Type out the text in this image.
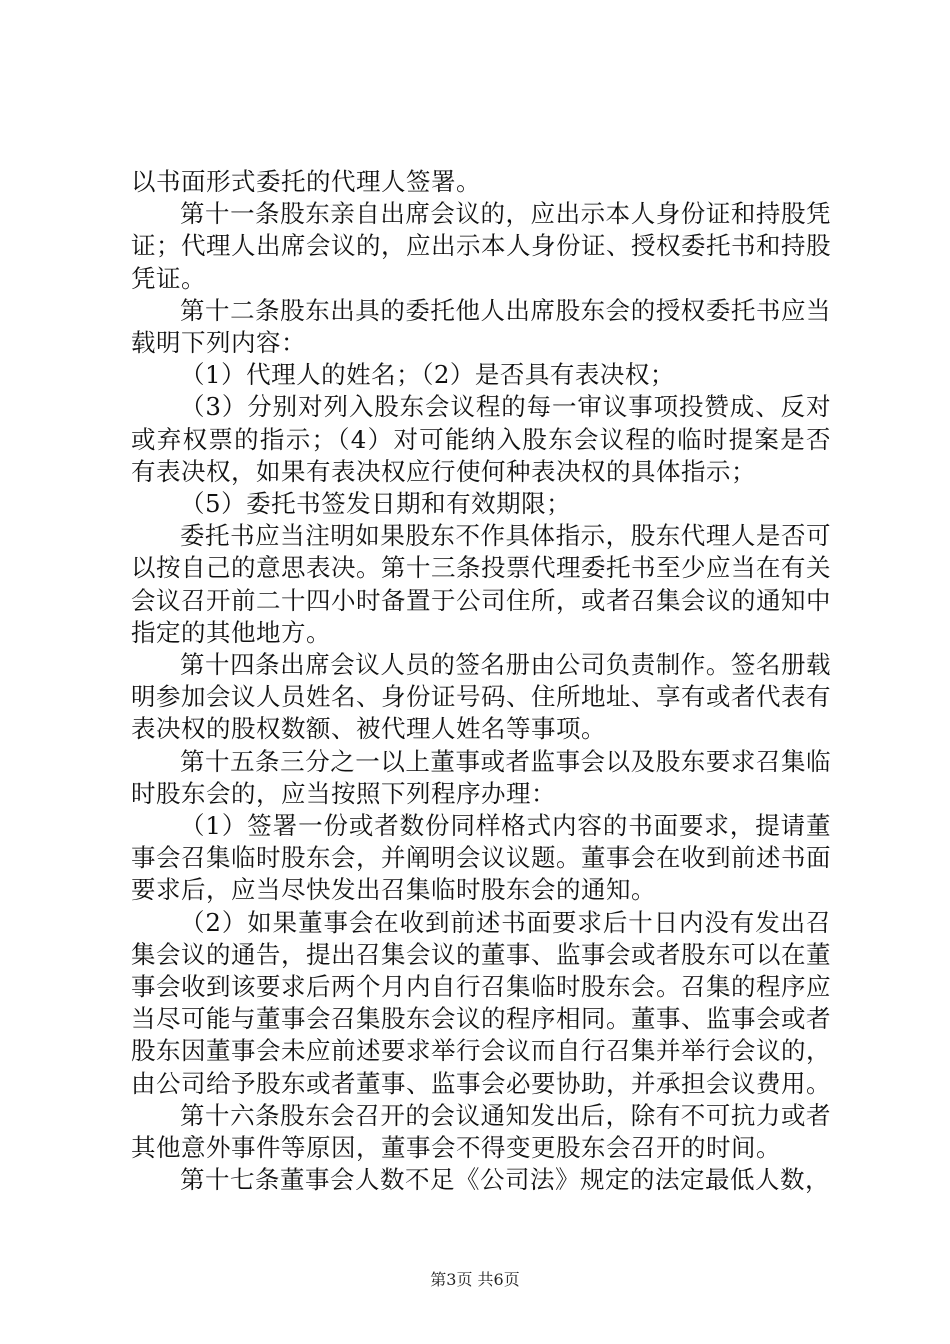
以书面形式委托的代理人签署。

第十一条股东亲自出席会议的，应出示本人身份证和持股凭证；代理人出席会议的，应出示本人身份证、授权委托书和持股凭证。

第十二条股东出具的委托他人出席股东会的授权委托书应当载明下列内容：

（1）代理人的姓名；（2）是否具有表决权；

（3）分别对列入股东会议程的每一审议事项投赞成、反对或弃权票的指示；（4）对可能纳入股东会议程的临时提案是否有表决权，如果有表决权应行使何种表决权的具体指示；

（5）委托书签发日期和有效期限；

委托书应当注明如果股东不作具体指示，股东代理人是否可以按自己的意思表决。第十三条投票代理委托书至少应当在有关会议召开前二十四小时备置于公司住所，或者召集会议的通知中指定的其他地方。

第十四条出席会议人员的签名册由公司负责制作。签名册载明参加会议人员姓名、身份证号码、住所地址、享有或者代表有表决权的股权数额、被代理人姓名等事项。

第十五条三分之一以上董事或者监事会以及股东要求召集临时股东会的，应当按照下列程序办理：

（1）签署一份或者数份同样格式内容的书面要求，提请董事会召集临时股东会，并阐明会议议题。董事会在收到前述书面要求后，应当尽快发出召集临时股东会的通知。

（2）如果董事会在收到前述书面要求后十日内没有发出召集会议的通告，提出召集会议的董事、监事会或者股东可以在董事会收到该要求后两个月内自行召集临时股东会。召集的程序应当尽可能与董事会召集股东会议的程序相同。董事、监事会或者股东因董事会未应前述要求举行会议而自行召集并举行会议的，由公司给予股东或者董事、监事会必要协助，并承担会议费用。

第十六条股东会召开的会议通知发出后，除有不可抗力或者其他意外事件等原因，董事会不得变更股东会召开的时间。

第十七条董事会人数不足《公司法》规定的法定最低人数，

第3页 共6页
